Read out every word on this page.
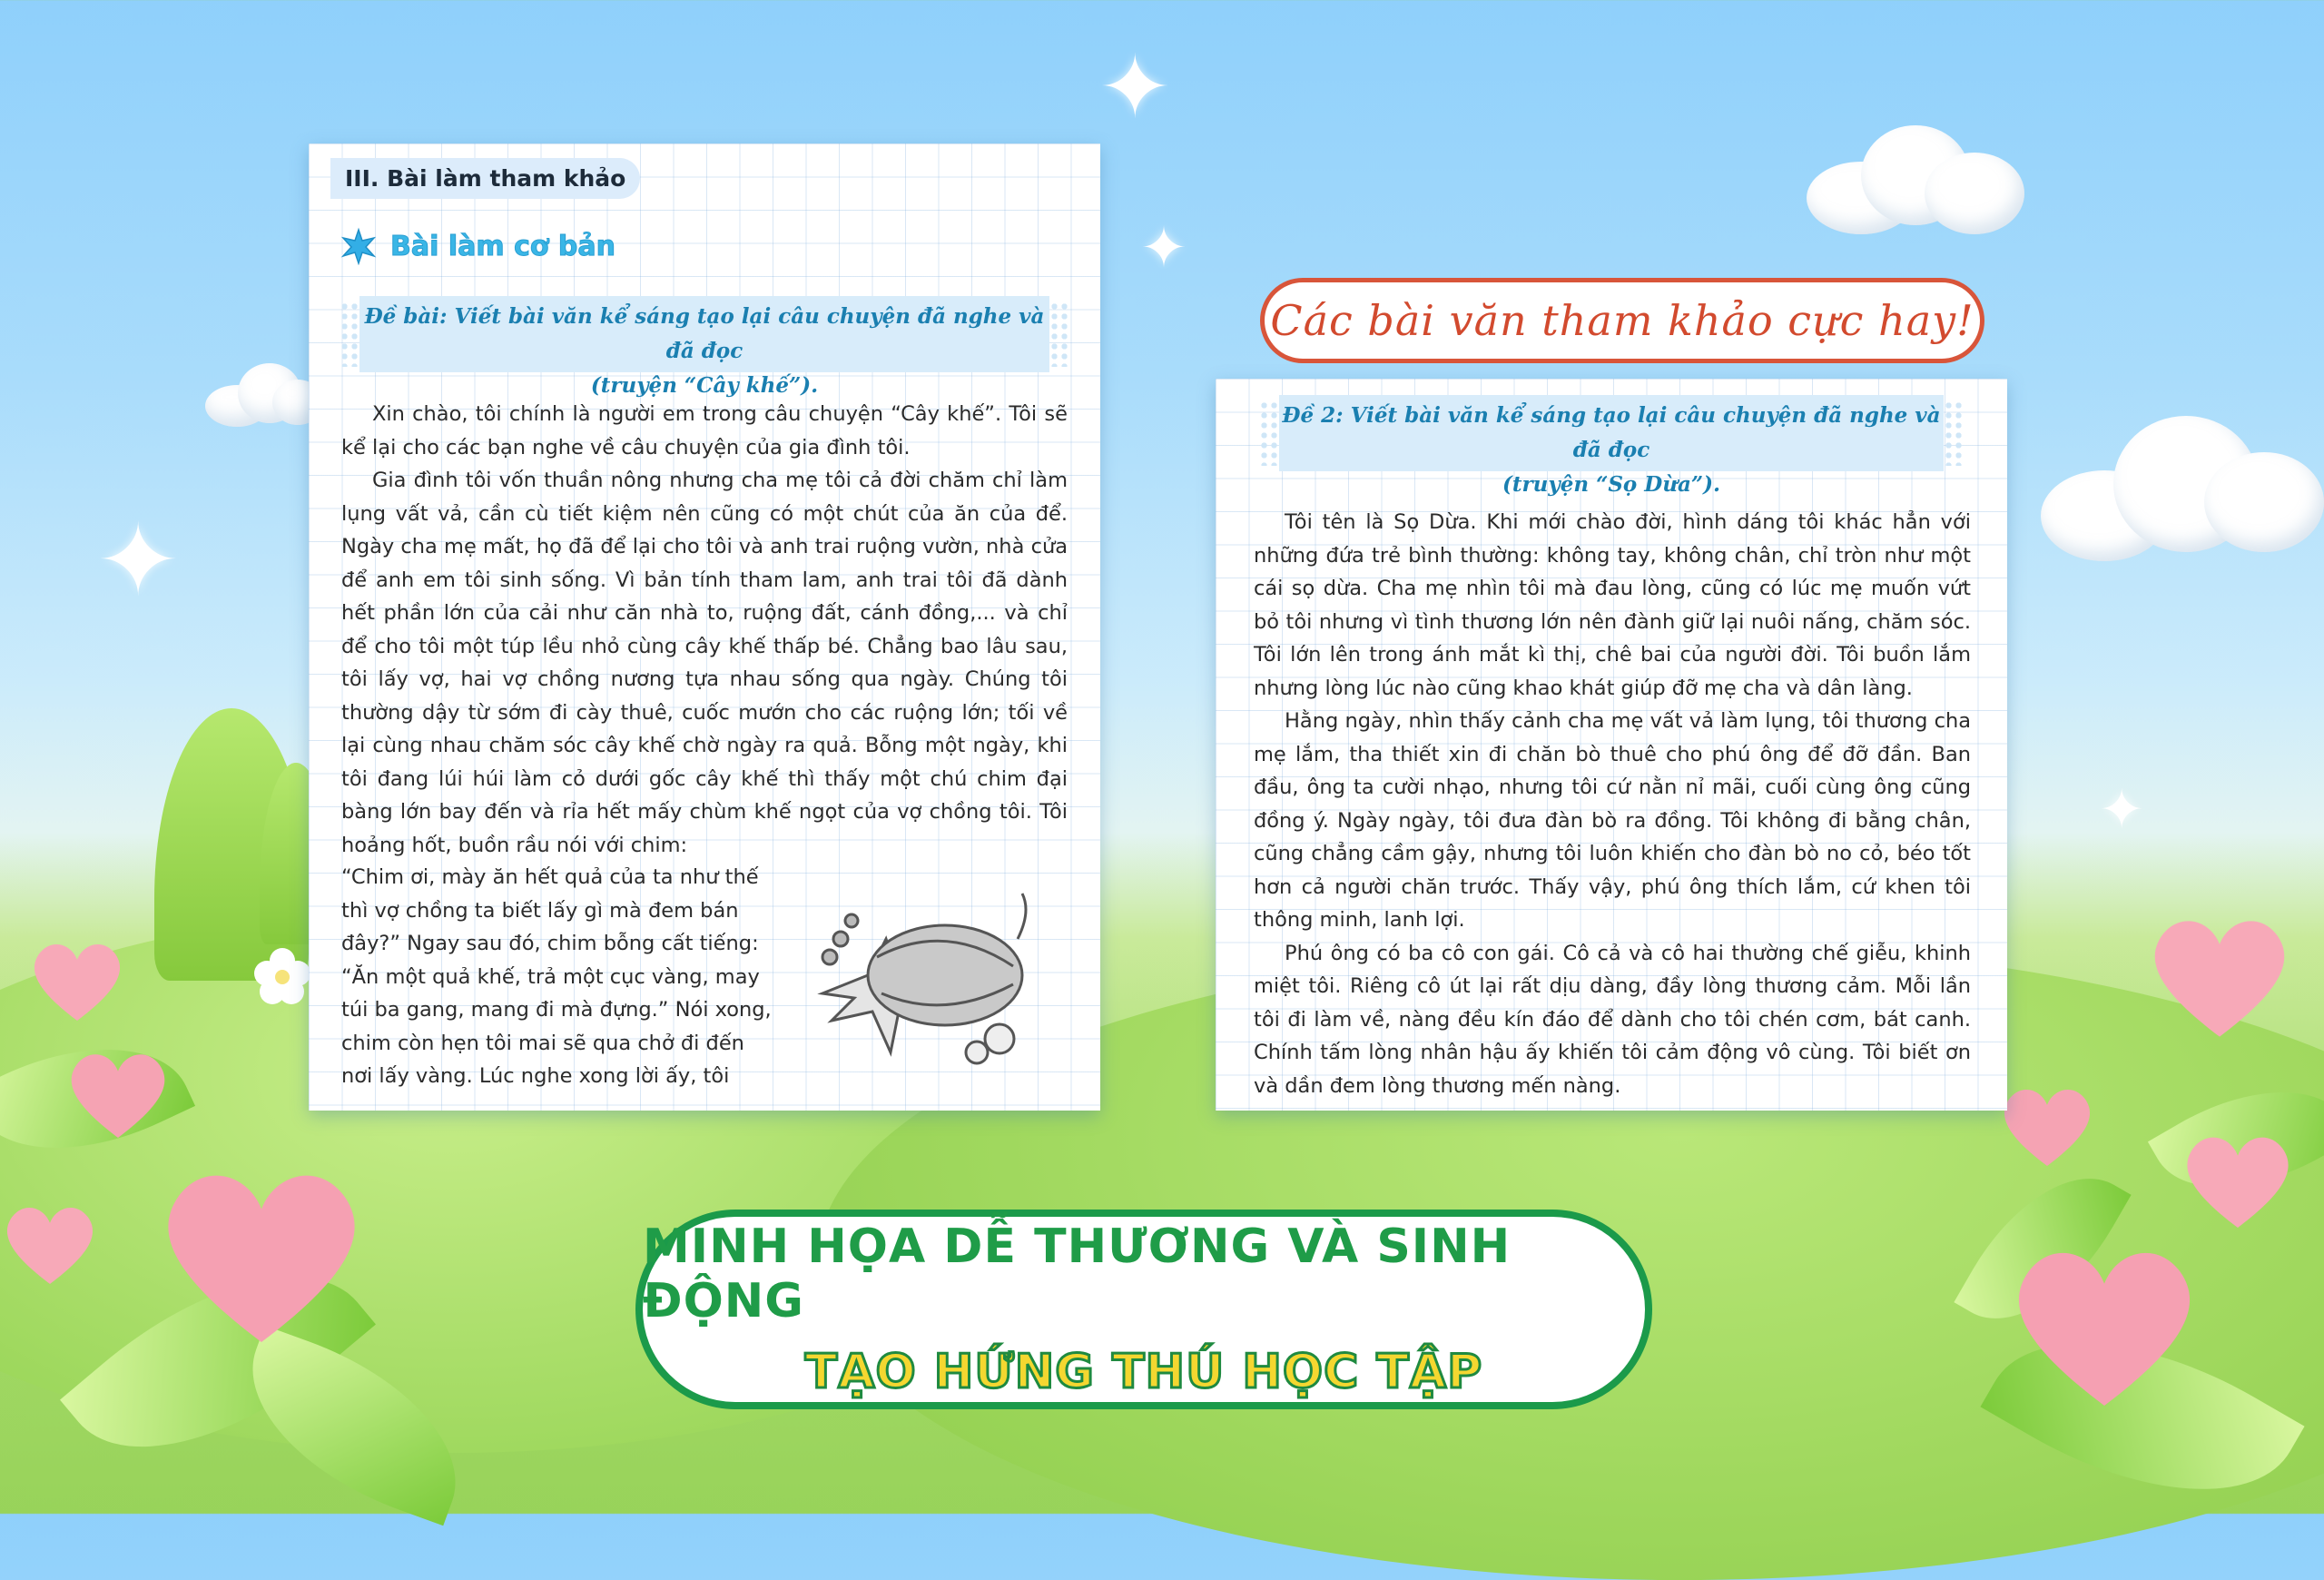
✦
✦
✦
✦
III. Bài làm tham khảo
Bài làm cơ bản
Đề bài: Viết bài văn kể sáng tạo lại câu chuyện đã nghe và đã đọc
(truyện “Cây khế”).

Xin chào, tôi chính là người em trong câu chuyện “Cây khế”. Tôi sẽ kể lại cho các bạn nghe về câu chuyện của gia đình tôi.

Gia đình tôi vốn thuần nông nhưng cha mẹ tôi cả đời chăm chỉ làm lụng vất vả, cần cù tiết kiệm nên cũng có một chút của ăn của để. Ngày cha mẹ mất, họ đã để lại cho tôi và anh trai ruộng vườn, nhà cửa để anh em tôi sinh sống. Vì bản tính tham lam, anh trai tôi đã dành hết phần lớn của cải như căn nhà to, ruộng đất, cánh đồng,... và chỉ để cho tôi một túp lều nhỏ cùng cây khế thấp bé. Chẳng bao lâu sau, tôi lấy vợ, hai vợ chồng nương tựa nhau sống qua ngày. Chúng tôi thường dậy từ sớm đi cày thuê, cuốc mướn cho các ruộng lớn; tối về lại cùng nhau chăm sóc cây khế chờ ngày ra quả. Bỗng một ngày, khi tôi đang lúi húi làm cỏ dưới gốc cây khế thì thấy một chú chim đại bàng lớn bay đến và rỉa hết mấy chùm khế ngọt của vợ chồng tôi. Tôi hoảng hốt, buồn rầu nói với chim:

“Chim ơi, mày ăn hết quả của ta như thế
thì vợ chồng ta biết lấy gì mà đem bán
đây?” Ngay sau đó, chim bỗng cất tiếng:
“Ăn một quả khế, trả một cục vàng, may
túi ba gang, mang đi mà đựng.” Nói xong,
chim còn hẹn tôi mai sẽ qua chở đi đến
nơi lấy vàng. Lúc nghe xong lời ấy, tôi
Các bài văn tham khảo cực hay!
Đề 2: Viết bài văn kể sáng tạo lại câu chuyện đã nghe và đã đọc
(truyện “Sọ Dừa”).

Tôi tên là Sọ Dừa. Khi mới chào đời, hình dáng tôi khác hẳn với những đứa trẻ bình thường: không tay, không chân, chỉ tròn như một cái sọ dừa. Cha mẹ nhìn tôi mà đau lòng, cũng có lúc mẹ muốn vứt bỏ tôi nhưng vì tình thương lớn nên đành giữ lại nuôi nấng, chăm sóc. Tôi lớn lên trong ánh mắt kì thị, chê bai của người đời. Tôi buồn lắm nhưng lòng lúc nào cũng khao khát giúp đỡ mẹ cha và dân làng.

Hằng ngày, nhìn thấy cảnh cha mẹ vất vả làm lụng, tôi thương cha mẹ lắm, tha thiết xin đi chăn bò thuê cho phú ông để đỡ đần. Ban đầu, ông ta cười nhạo, nhưng tôi cứ nằn nỉ mãi, cuối cùng ông cũng đồng ý. Ngày ngày, tôi đưa đàn bò ra đồng. Tôi không đi bằng chân, cũng chẳng cầm gậy, nhưng tôi luôn khiến cho đàn bò no cỏ, béo tốt hơn cả người chăn trước. Thấy vậy, phú ông thích lắm, cứ khen tôi thông minh, lanh lợi.

Phú ông có ba cô con gái. Cô cả và cô hai thường chế giễu, khinh miệt tôi. Riêng cô út lại rất dịu dàng, đầy lòng thương cảm. Mỗi lần tôi đi làm về, nàng đều kín đáo để dành cho tôi chén cơm, bát canh. Chính tấm lòng nhân hậu ấy khiến tôi cảm động vô cùng. Tôi biết ơn và dần đem lòng thương mến nàng.

MINH HỌA DỄ THƯƠNG VÀ SINH ĐỘNG
TẠO HỨNG THÚ HỌC TẬP
